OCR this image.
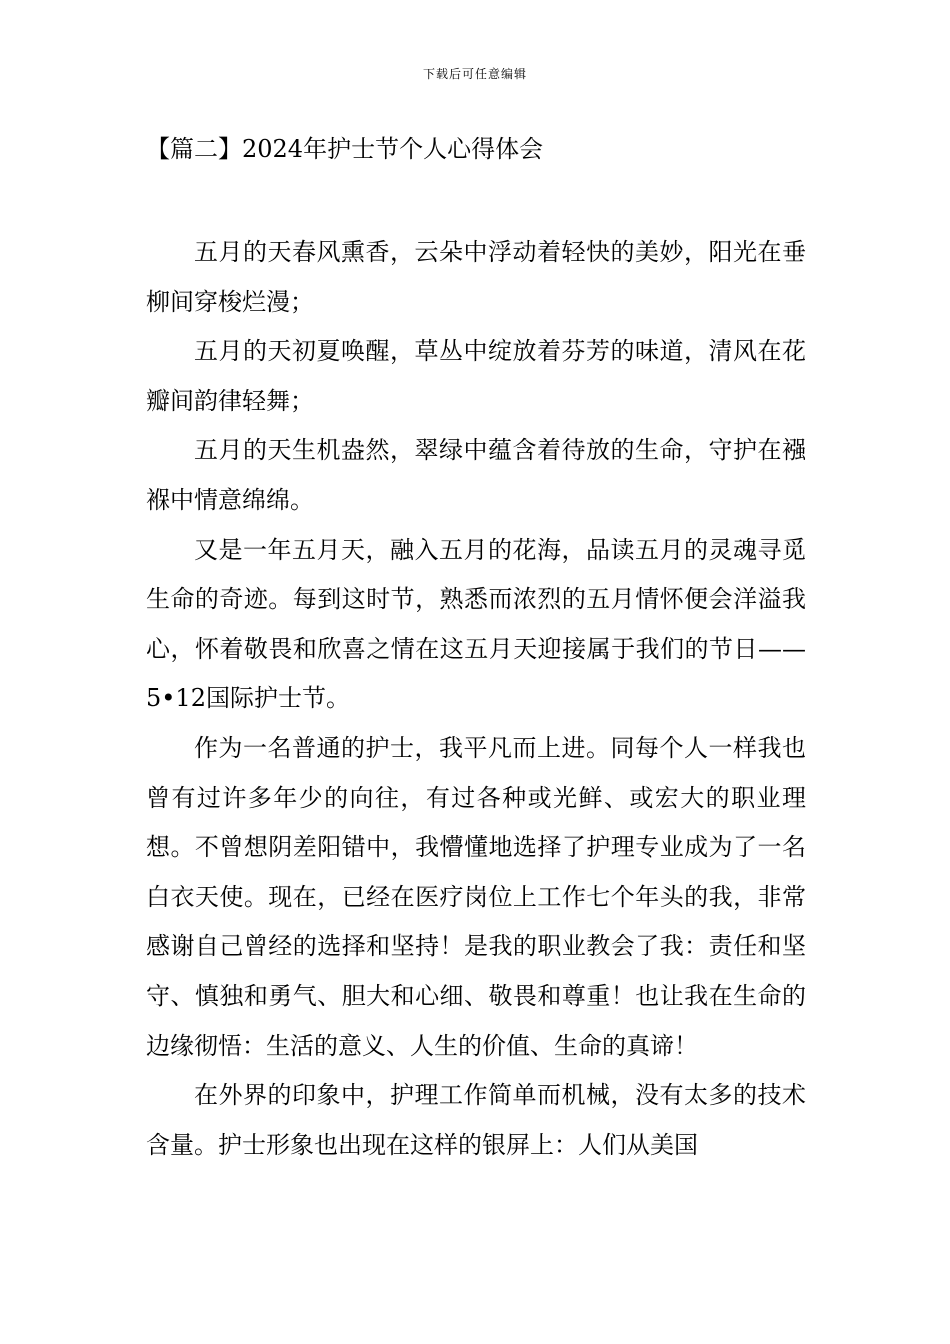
下载后可任意编辑
【篇二】2024年护士节个人心得体会

五月的天春风熏香，云朵中浮动着轻快的美妙，阳光在垂柳间穿梭烂漫；

五月的天初夏唤醒，草丛中绽放着芬芳的味道，清风在花瓣间韵律轻舞；

五月的天生机盎然，翠绿中蕴含着待放的生命，守护在襁褓中情意绵绵。

又是一年五月天，融入五月的花海，品读五月的灵魂寻觅生命的奇迹。每到这时节，熟悉而浓烈的五月情怀便会洋溢我心，怀着敬畏和欣喜之情在这五月天迎接属于我们的节日——5•12国际护士节。

作为一名普通的护士，我平凡而上进。同每个人一样我也曾有过许多年少的向往，有过各种或光鲜、或宏大的职业理想。不曾想阴差阳错中，我懵懂地选择了护理专业成为了一名白衣天使。现在，已经在医疗岗位上工作七个年头的我，非常感谢自己曾经的选择和坚持！是我的职业教会了我：责任和坚守、慎独和勇气、胆大和心细、敬畏和尊重！也让我在生命的边缘彻悟：生活的意义、人生的价值、生命的真谛！

在外界的印象中，护理工作简单而机械，没有太多的技术含量。护士形象也出现在这样的银屏上：人们从美国
